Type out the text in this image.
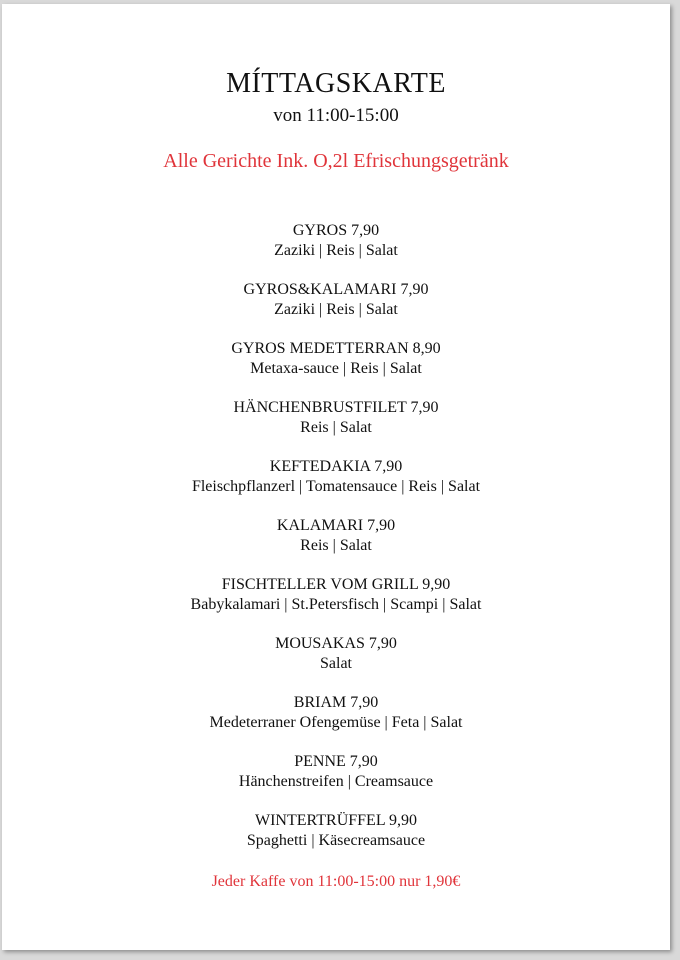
MÍTTAGSKARTE
von 11:00-15:00
Alle Gerichte Ink. O,2l Efrischungsgetränk
GYROS 7,90
Zaziki | Reis | Salat
GYROS&KALAMARI 7,90
Zaziki | Reis | Salat
GYROS MEDETTERRAN 8,90
Metaxa-sauce | Reis | Salat
HÄNCHENBRUSTFILET 7,90
Reis | Salat
KEFTEDAKIA 7,90
Fleischpflanzerl | Tomatensauce | Reis | Salat
KALAMARI 7,90
Reis | Salat
FISCHTELLER VOM GRILL 9,90
Babykalamari | St.Petersfisch | Scampi | Salat
MOUSAKAS 7,90
Salat
BRIAM 7,90
Medeterraner Ofengemüse | Feta | Salat
PENNE 7,90
Hänchenstreifen | Creamsauce
WINTERTRÜFFEL 9,90
Spaghetti | Käsecreamsauce
Jeder Kaffe von 11:00-15:00 nur 1,90€
